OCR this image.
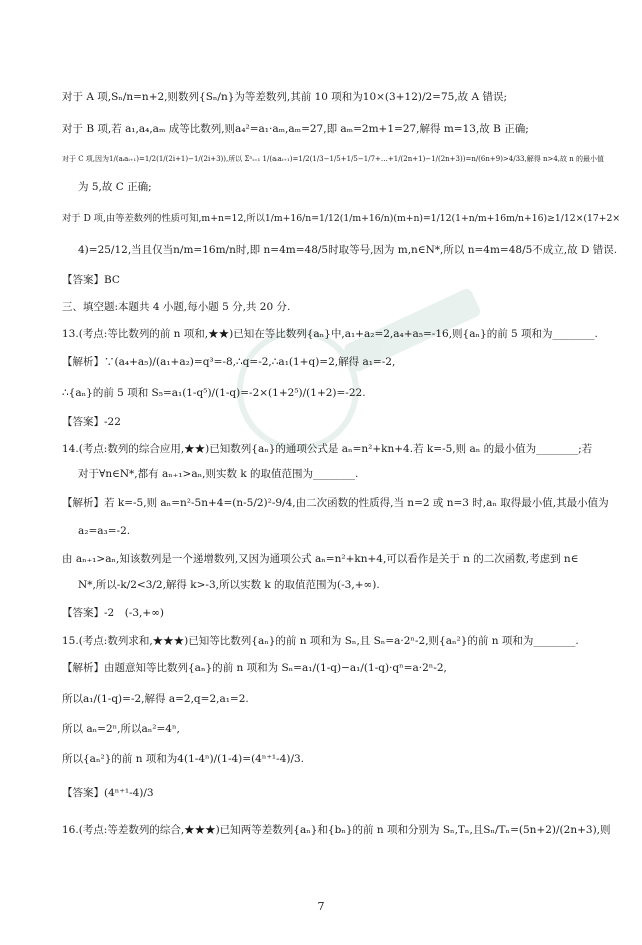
对于 A 项,Sₙ/n=n+2,则数列{Sₙ/n}为等差数列,其前 10 项和为10×(3+12)/2=75,故 A 错误;
对于 B 项,若 a₁,a₄,aₘ 成等比数列,则a₄²=a₁·aₘ,aₘ=27,即 aₘ=2m+1=27,解得 m=13,故 B 正确;
对于 C 项,因为1/(aᵢaᵢ₊₁)=1/2(1/(2i+1)−1/(2i+3)),所以 Σⁿᵢ₌₁ 1/(aᵢaᵢ₊₁)=1/2(1/3−1/5+1/5−1/7+…+1/(2n+1)−1/(2n+3))=n/(6n+9)>4/33,解得 n>4,故 n 的最小值
为 5,故 C 正确;
对于 D 项,由等差数列的性质可知,m+n=12,所以1/m+16/n=1/12(1/m+16/n)(m+n)=1/12(1+n/m+16m/n+16)≥1/12×(17+2×
4)=25/12,当且仅当n/m=16m/n时,即 n=4m=48/5时取等号,因为 m,n∈N*,所以 n=4m=48/5不成立,故 D 错误.
【答案】BC
三、填空题:本题共 4 小题,每小题 5 分,共 20 分.
13.(考点:等比数列的前 n 项和,★★)已知在等比数列{aₙ}中,a₁+a₂=2,a₄+a₅=-16,则{aₙ}的前 5 项和为________.
【解析】∵(a₄+a₅)/(a₁+a₂)=q³=-8,∴q=-2,∴a₁(1+q)=2,解得 a₁=-2,
∴{aₙ}的前 5 项和 S₅=a₁(1-q⁵)/(1-q)=-2×(1+2⁵)/(1+2)=-22.
【答案】-22
14.(考点:数列的综合应用,★★)已知数列{aₙ}的通项公式是 aₙ=n²+kn+4.若 k=-5,则 aₙ 的最小值为________;若
对于∀n∈N*,都有 aₙ₊₁>aₙ,则实数 k 的取值范围为________.
【解析】若 k=-5,则 aₙ=n²-5n+4=(n-5/2)²-9/4,由二次函数的性质得,当 n=2 或 n=3 时,aₙ 取得最小值,其最小值为
a₂=a₃=-2.
由 aₙ₊₁>aₙ,知该数列是一个递增数列,又因为通项公式 aₙ=n²+kn+4,可以看作是关于 n 的二次函数,考虑到 n∈
N*,所以-k/2<3/2,解得 k>-3,所以实数 k 的取值范围为(-3,+∞).
【答案】-2　(-3,+∞)
15.(考点:数列求和,★★★)已知等比数列{aₙ}的前 n 项和为 Sₙ,且 Sₙ=a·2ⁿ-2,则{aₙ²}的前 n 项和为________.
【解析】由题意知等比数列{aₙ}的前 n 项和为 Sₙ=a₁/(1-q)−a₁/(1-q)·qⁿ=a·2ⁿ-2,
所以a₁/(1-q)=-2,解得 a=2,q=2,a₁=2.
所以 aₙ=2ⁿ,所以aₙ²=4ⁿ,
所以{aₙ²}的前 n 项和为4(1-4ⁿ)/(1-4)=(4ⁿ⁺¹-4)/3.
【答案】(4ⁿ⁺¹-4)/3
16.(考点:等差数列的综合,★★★)已知两等差数列{aₙ}和{bₙ}的前 n 项和分别为 Sₙ,Tₙ,且Sₙ/Tₙ=(5n+2)/(2n+3),则
7
